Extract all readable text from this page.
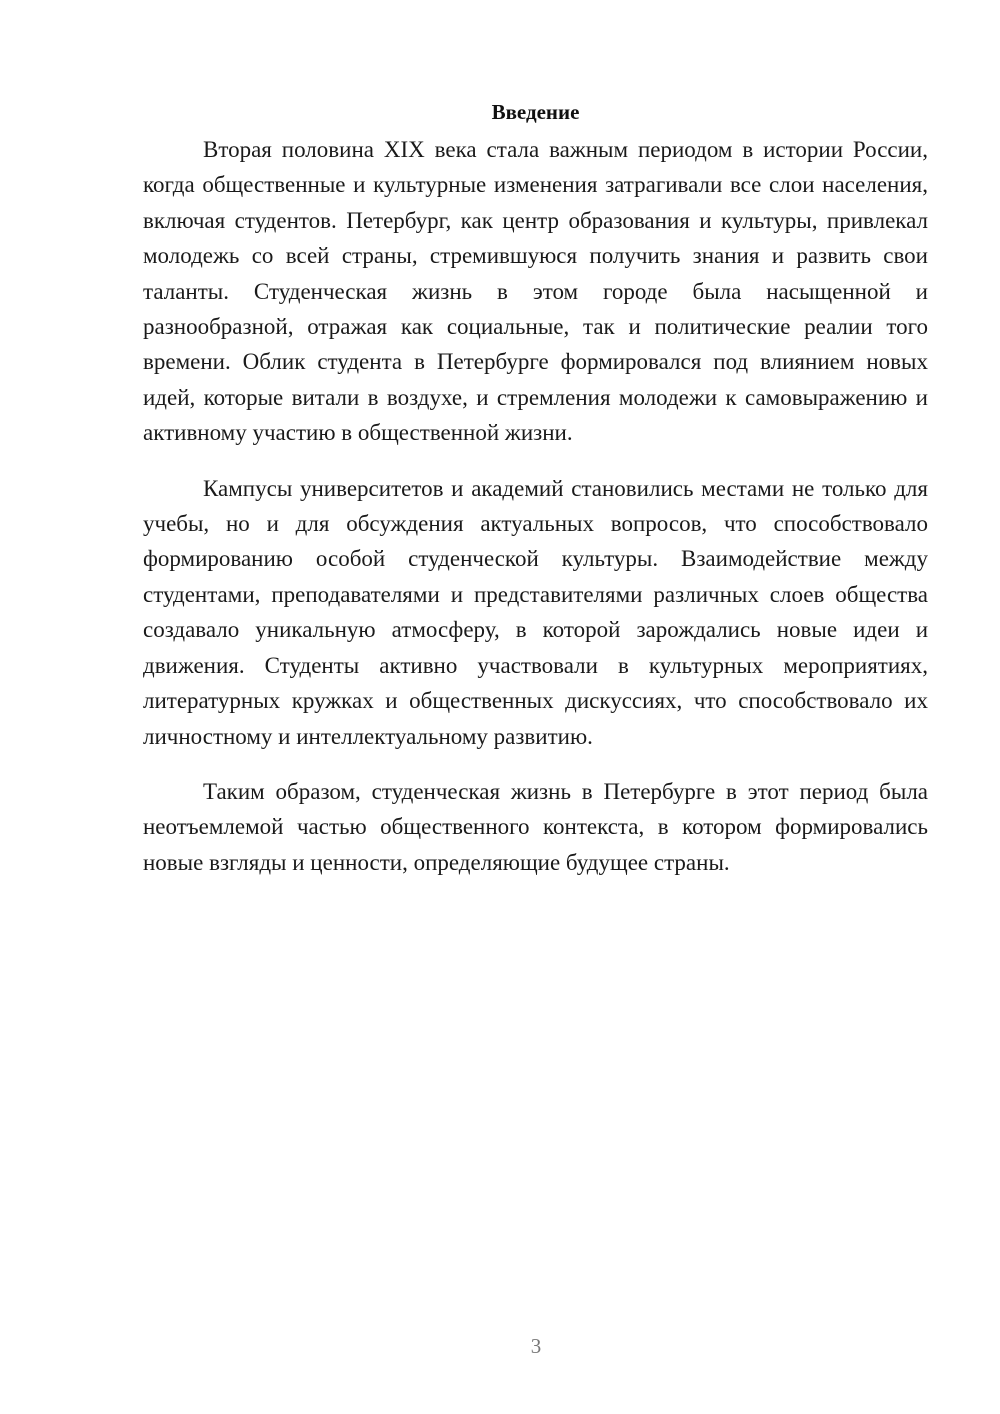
Введение

Вторая половина XIX века стала важным периодом в истории России, когда общественные и культурные изменения затрагивали все слои населения, включая студентов. Петербург, как центр образования и культуры, привлекал молодежь со всей страны, стремившуюся получить знания и развить свои таланты. Студенческая жизнь в этом городе была насыщенной и разнообразной, отражая как социальные, так и политические реалии того времени. Облик студента в Петербурге формировался под влиянием новых идей, которые витали в воздухе, и стремления молодежи к самовыражению и активному участию в общественной жизни.

Кампусы университетов и академий становились местами не только для учебы, но и для обсуждения актуальных вопросов, что способствовало формированию особой студенческой культуры. Взаимодействие между студентами, преподавателями и представителями различных слоев общества создавало уникальную атмосферу, в которой зарождались новые идеи и движения. Студенты активно участвовали в культурных мероприятиях, литературных кружках и общественных дискуссиях, что способствовало их личностному и интеллектуальному развитию.

Таким образом, студенческая жизнь в Петербурге в этот период была неотъемлемой частью общественного контекста, в котором формировались новые взгляды и ценности, определяющие будущее страны.

3
